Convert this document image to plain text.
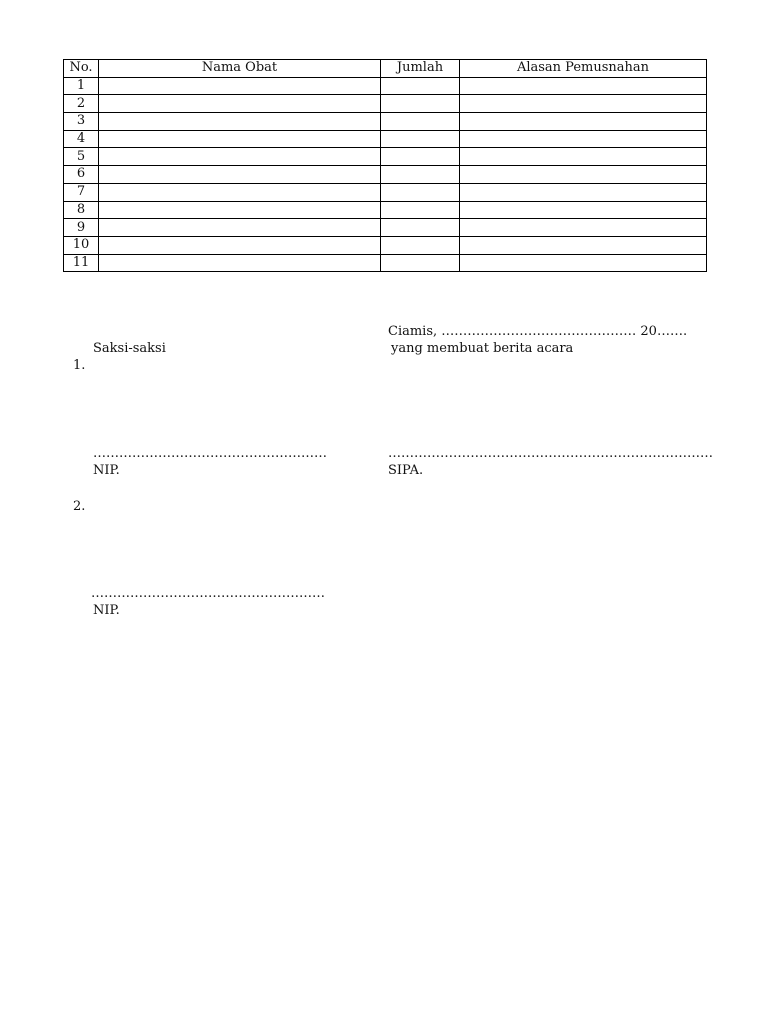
No.	Nama Obat	Jumlah	Alasan Pemusnahan
1			
2			
3			
4			
5			
6			
7			
8			
9			
10			
11			
Ciamis, ……………………………………… 20…….
Saksi-saksi	yang membuat berita acara
1.
………………………………………………	…………………………………………………………………
NIP.	SIPA.
2.
………………………………………………
NIP.
